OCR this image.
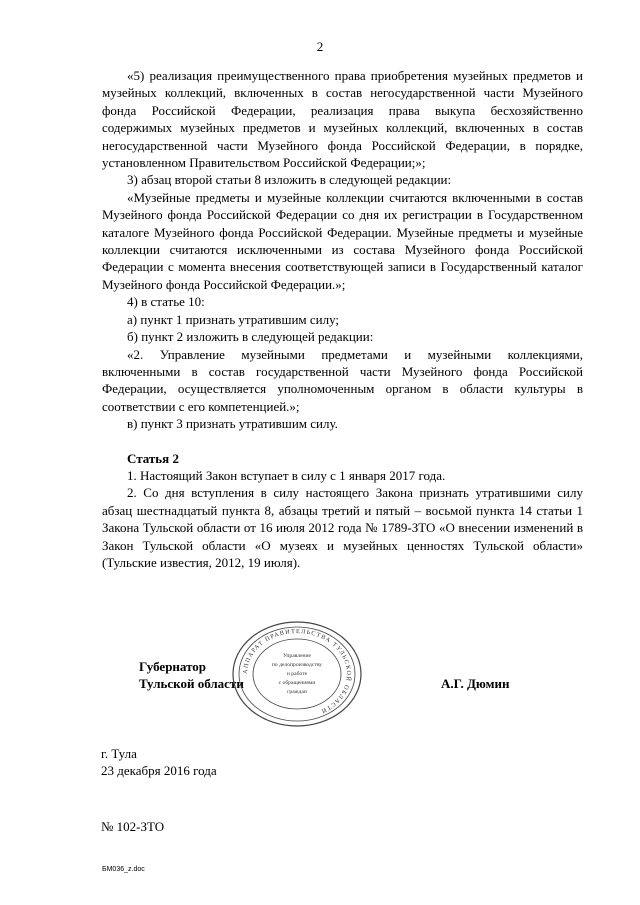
2

«5) реализация преимущественного права приобретения музейных предметов и музейных коллекций, включенных в состав негосударственной части Музейного фонда Российской Федерации, реализация права выкупа бесхозяйственно содержимых музейных предметов и музейных коллекций, включенных в состав негосударственной части Музейного фонда Российской Федерации, в порядке, установленном Правительством Российской Федерации;»;

3) абзац второй статьи 8 изложить в следующей редакции:

«Музейные предметы и музейные коллекции считаются включенными в состав Музейного фонда Российской Федерации со дня их регистрации в Государственном каталоге Музейного фонда Российской Федерации. Музейные предметы и музейные коллекции считаются исключенными из состава Музейного фонда Российской Федерации с момента внесения соответствующей записи в Государственный каталог Музейного фонда Российской Федерации.»;

4) в статье 10:

а) пункт 1 признать утратившим силу;

б) пункт 2 изложить в следующей редакции:

«2. Управление музейными предметами и музейными коллекциями, включенными в состав государственной части Музейного фонда Российской Федерации, осуществляется уполномоченным органом в области культуры в соответствии с его компетенцией.»;

в) пункт 3 признать утратившим силу.

Статья 2

1. Настоящий Закон вступает в силу с 1 января 2017 года.

2. Со дня вступления в силу настоящего Закона признать утратившими силу абзац шестнадцатый пункта 8, абзацы третий и пятый – восьмой пункта 14 статьи 1 Закона Тульской области от 16 июля 2012 года № 1789-ЗТО «О внесении изменений в Закон Тульской области «О музеях и музейных ценностях Тульской области» (Тульские известия, 2012, 19 июля).

Губернатор
Тульской области
АППАРАТ ПРАВИТЕЛЬСТВА ТУЛЬСКОЙ ОБЛАСТИ
Управление
по делопроизводству
и работе
с обращениями
граждан
А.Г. Дюмин
г. Тула
23 декабря 2016 года
№ 102-ЗТО
БМ036_z.doc
